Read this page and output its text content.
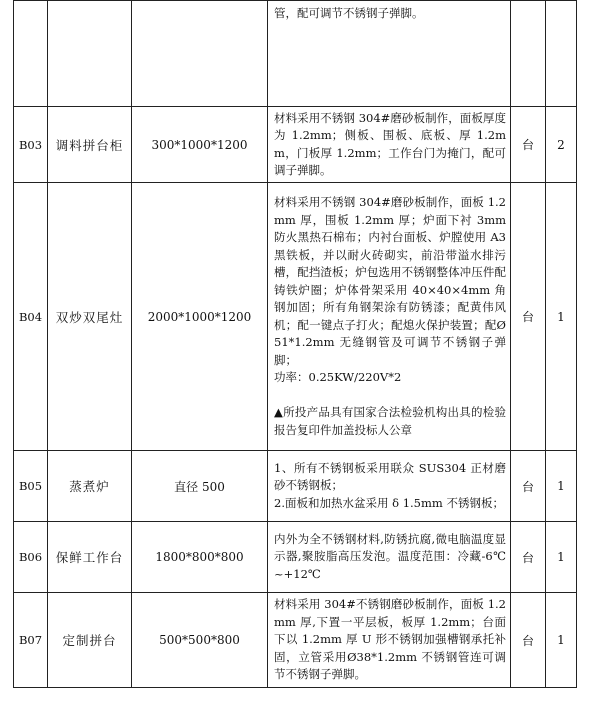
			管，配可调节不锈钢子弹脚。		
B03	调料拼台柜	300*1000*1200	材料采用不锈钢 304#磨砂板制作，面板厚度为 1.2mm；侧板、围板、底板、厚 1.2mm，门板厚 1.2mm；工作台门为掩门，配可调子弹脚。	台	2
B04	双炒双尾灶	2000*1000*1200	材料采用不锈钢 304#磨砂板制作，面板 1.2mm 厚，围板 1.2mm 厚；炉面下衬 3mm 防火黑热石棉布；内衬台面板、炉膛使用 A3 黑铁板，并以耐火砖砌实，前沿带溢水排污槽，配挡渣板；炉包选用不锈钢整体冲压件配铸铁炉圈；炉体骨架采用 40×40×4mm 角钢加固；所有角钢架涂有防锈漆；配黄伟风机；配一键点子打火；配熄火保护装置；配Ø51*1.2mm 无缝钢管及可调节不锈钢子弹脚；
功率：0.25KW/220V*2

▲所投产品具有国家合法检验机构出具的检验报告复印件加盖投标人公章	台	1
B05	蒸煮炉	直径 500	1、所有不锈钢板采用联众 SUS304 正材磨砂不锈钢板；
2.面板和加热水盆采用 δ 1.5mm 不锈钢板；	台	1
B06	保鲜工作台	1800*800*800	内外为全不锈钢材料,防锈抗腐,微电脑温度显示器,聚胺脂高压发泡。温度范围：冷藏-6℃~+12℃	台	1
B07	定制拼台	500*500*800	材料采用 304#不锈钢磨砂板制作，面板 1.2mm 厚,下置一平层板，板厚 1.2mm；台面下以 1.2mm 厚 U 形不锈钢加强槽钢承托补固，立管采用Ø38*1.2mm 不锈钢管连可调节不锈钢子弹脚。	台	1
